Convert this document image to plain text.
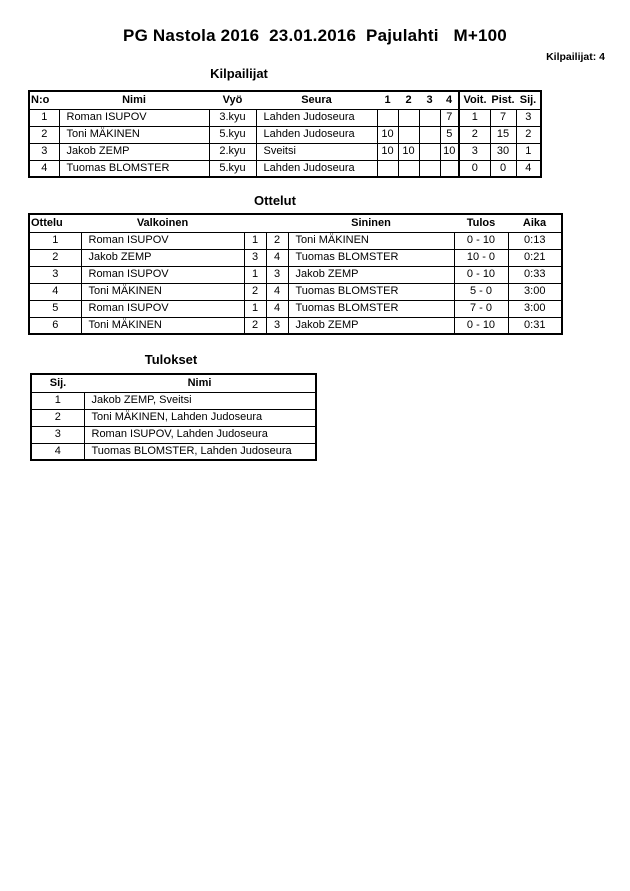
PG Nastola 2016  23.01.2016  Pajulahti   M+100
Kilpailijat: 4
Kilpailijat
N:o	Nimi	Vyö	Seura	1	2	3	4	Voit.	Pist.	Sij.
1	Roman ISUPOV	3.kyu	Lahden Judoseura				7	1	7	3
2	Toni MÄKINEN	5.kyu	Lahden Judoseura	10			5	2	15	2
3	Jakob ZEMP	2.kyu	Sveitsi	10	10		10	3	30	1
4	Tuomas BLOMSTER	5.kyu	Lahden Judoseura					0	0	4
Ottelut
Ottelu	Valkoinen			Sininen	Tulos	Aika
1	Roman ISUPOV	1	2	Toni MÄKINEN	0 - 10	0:13
2	Jakob ZEMP	3	4	Tuomas BLOMSTER	10 - 0	0:21
3	Roman ISUPOV	1	3	Jakob ZEMP	0 - 10	0:33
4	Toni MÄKINEN	2	4	Tuomas BLOMSTER	5 - 0	3:00
5	Roman ISUPOV	1	4	Tuomas BLOMSTER	7 - 0	3:00
6	Toni MÄKINEN	2	3	Jakob ZEMP	0 - 10	0:31
Tulokset
Sij.	Nimi
1	Jakob ZEMP, Sveitsi
2	Toni MÄKINEN, Lahden Judoseura
3	Roman ISUPOV, Lahden Judoseura
4	Tuomas BLOMSTER, Lahden Judoseura
